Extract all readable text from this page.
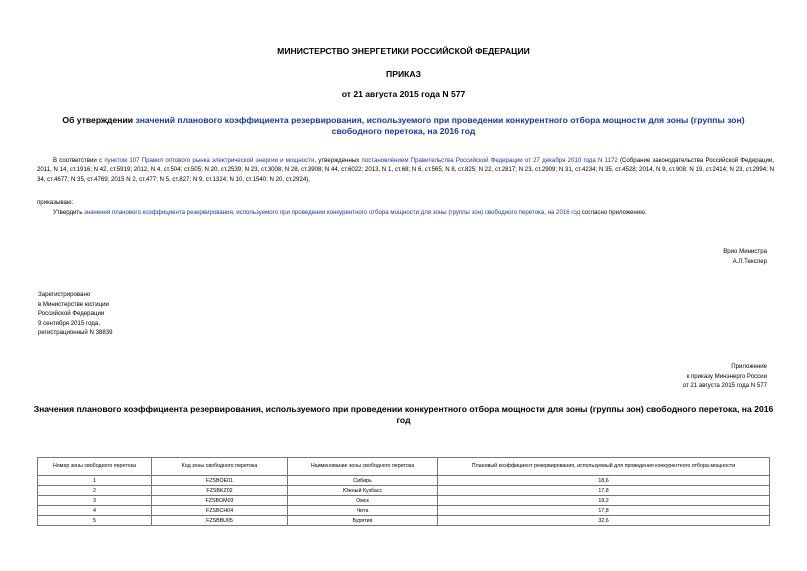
МИНИСТЕРСТВО ЭНЕРГЕТИКИ РОССИЙСКОЙ ФЕДЕРАЦИИ
ПРИКАЗ
от 21 августа 2015 года N 577
Об утверждении значений планового коэффициента резервирования, используемого при проведении конкурентного отбора мощности для зоны (группы зон) свободного перетока, на 2016 год
В соответствии с пунктом 107 Правил оптового рынка электрической энергии и мощности, утвержденных постановлением Правительства Российской Федерации от 27 декабря 2010 года N 1172 (Собрание законодательства Российской Федерации, 2011, N 14, ст.1916; N 42, ст.5919; 2012, N 4, ст.504; ст.505; N 20, ст.2539; N 23, ст.3008; N 28, ст.3908; N 44, ст.6022; 2013, N 1, ст.68; N 6, ст.565; N 8, ст.825; N 22, ст.2817; N 23, ст.2909; N 31, ст.4234; N 35, ст.4528; 2014, N 9, ст.908; N 19, ст.2414; N 23, ст.2994; N 34, ст.4677; N 35, ст.4769; 2015 N 2, ст.477; N 5, ст.827; N 9, ст.1324; N 10, ст.1540; N 20, ст.2924),
приказываю:
Утвердить значения планового коэффициента резервирования, используемого при проведении конкурентного отбора мощности для зоны (группы зон) свободного перетока, на 2016 год согласно приложению.
Врио Министра
А.Л.Текслер
Зарегистрировано
в Министерстве юстиции
Российской Федерации
9 сентября 2015 года,
регистрационный N 38839
Приложение
к приказу Минэнерго России
от 21 августа 2015 года N 577
Значения планового коэффициента резервирования, используемого при проведении конкурентного отбора мощности для зоны (группы зон) свободного перетока, на 2016 год
Номер зоны свободного перетока	Код зоны свободного перетока	Наименование зоны свободного перетока	Плановый коэффициент резервирования, используемый для проведения конкурентного отбора мощности
1	FZSBOE01	Сибирь	18,6
2	FZSBKZ02	Южный Кузбасс	17,8
3	FZSBOM03	Омск	19,2
4	FZSBCH04	Чита	17,8
5	FZSBBU05	Бурятия	32,6
